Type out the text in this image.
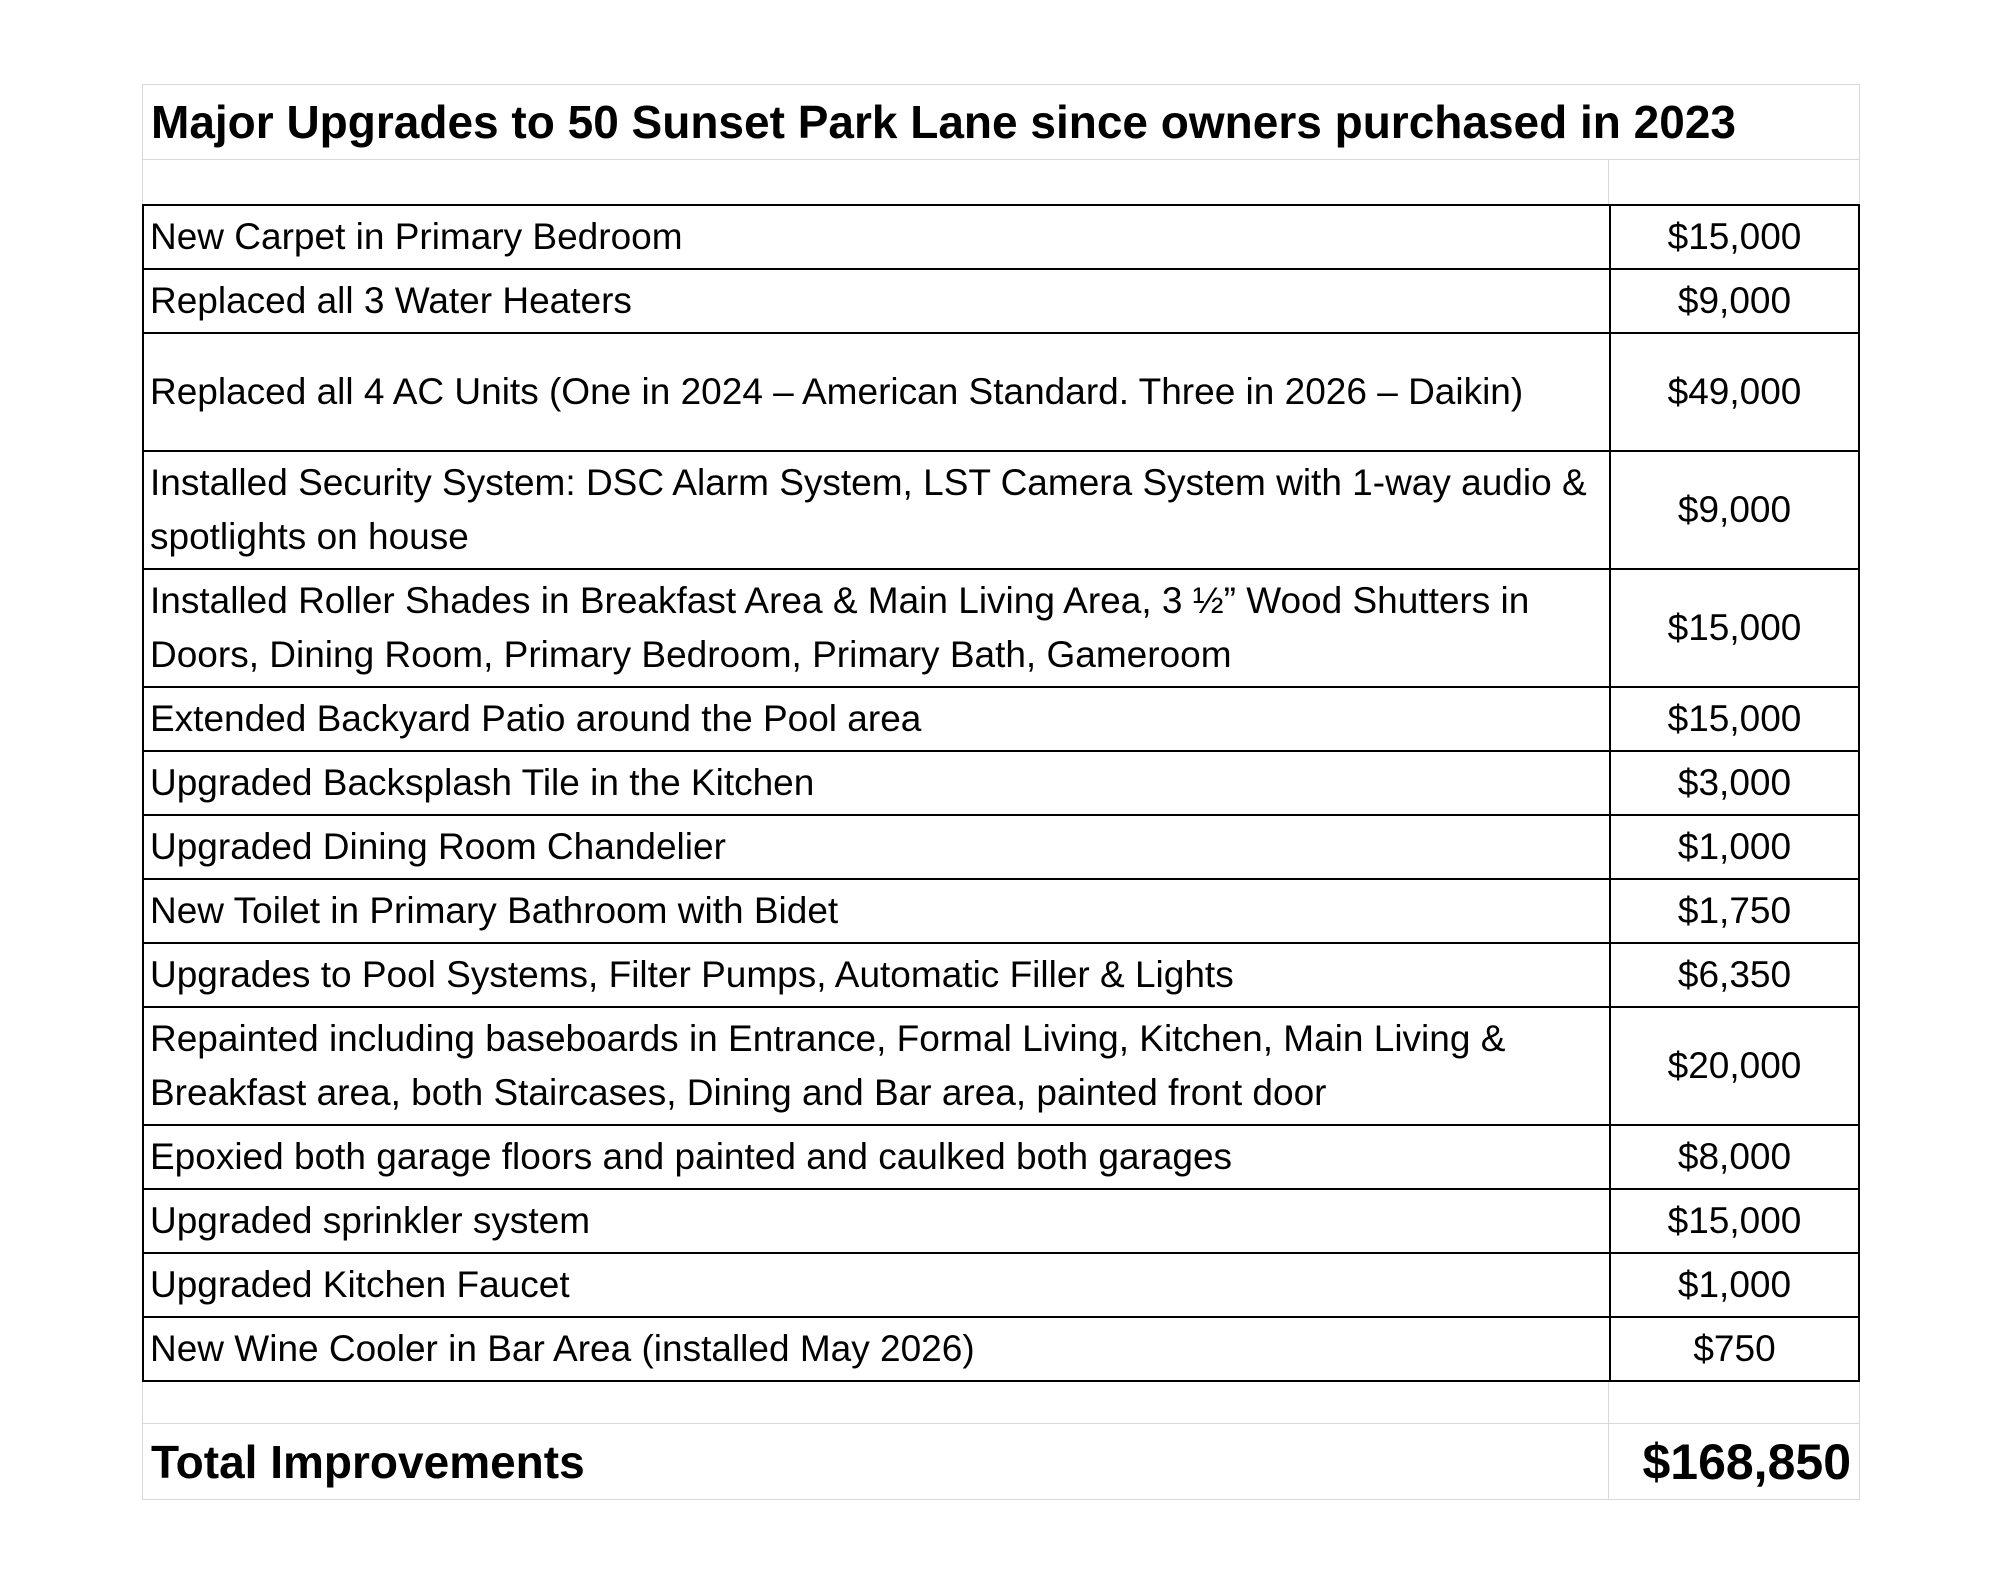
Major Upgrades to 50 Sunset Park Lane since owners purchased in 2023
New Carpet in Primary Bedroom	$15,000
Replaced all 3 Water Heaters	$9,000
Replaced all 4 AC Units (One in 2024 – American Standard. Three in 2026 – Daikin)	$49,000
Installed Security System: DSC Alarm System, LST Camera System with 1-way audio & spotlights on house	$9,000
Installed Roller Shades in Breakfast Area & Main Living Area, 3 ½” Wood Shutters in Doors, Dining Room, Primary Bedroom, Primary Bath, Gameroom	$15,000
Extended Backyard Patio around the Pool area	$15,000
Upgraded Backsplash Tile in the Kitchen	$3,000
Upgraded Dining Room Chandelier	$1,000
New Toilet in Primary Bathroom with Bidet	$1,750
Upgrades to Pool Systems, Filter Pumps, Automatic Filler & Lights	$6,350
Repainted including baseboards in Entrance, Formal Living, Kitchen, Main Living & Breakfast area, both Staircases, Dining and Bar area, painted front door	$20,000
Epoxied both garage floors and painted and caulked both garages	$8,000
Upgraded sprinkler system	$15,000
Upgraded Kitchen Faucet	$1,000
New Wine Cooler in Bar Area (installed May 2026)	$750
Total Improvements	$168,850
